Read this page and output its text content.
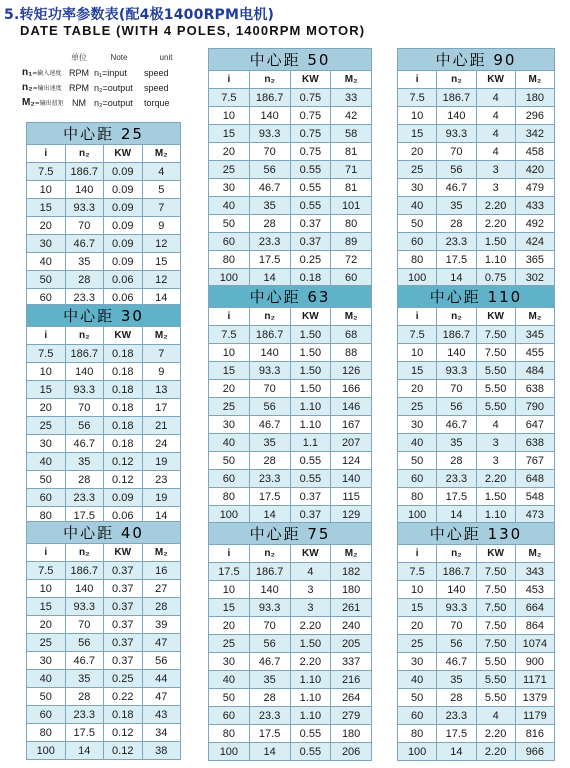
5.转矩功率参数表(配4极1400RPM电机)
DATE TABLE (WITH 4 POLES, 1400RPM MOTOR)
	单位	Note	unit
n₁=输入速度	RPM	n₁=input	speed
n₂=输出速度	RPM	n₂=output	speed
M₂=输出扭矩	NM	n₂=output	torque
中心距 25			
i	n₂	KW	M₂
7.5	186.7	0.09	4
10	140	0.09	5
15	93.3	0.09	7
20	70	0.09	9
30	46.7	0.09	12
40	35	0.09	15
50	28	0.06	12
60	23.3	0.06	14
中心距 30			
i	n₂	KW	M₂
7.5	186.7	0.18	7
10	140	0.18	9
15	93.3	0.18	13
20	70	0.18	17
25	56	0.18	21
30	46.7	0.18	24
40	35	0.12	19
50	28	0.12	23
60	23.3	0.09	19
80	17.5	0.06	14
中心距 40			
i	n₂	KW	M₂
7.5	186.7	0.37	16
10	140	0.37	27
15	93.3	0.37	28
20	70	0.37	39
25	56	0.37	47
30	46.7	0.37	56
40	35	0.25	44
50	28	0.22	47
60	23.3	0.18	43
80	17.5	0.12	34
100	14	0.12	38
中心距 50			
i	n₂	KW	M₂
7.5	186.7	0.75	33
10	140	0.75	42
15	93.3	0.75	58
20	70	0.75	81
25	56	0.55	71
30	46.7	0.55	81
40	35	0.55	101
50	28	0.37	80
60	23.3	0.37	89
80	17.5	0.25	72
100	14	0.18	60
中心距 63			
i	n₂	KW	M₂
7.5	186.7	1.50	68
10	140	1.50	88
15	93.3	1.50	126
20	70	1.50	166
25	56	1.10	146
30	46.7	1.10	167
40	35	1.1	207
50	28	0.55	124
60	23.3	0.55	140
80	17.5	0.37	115
100	14	0.37	129
中心距 75			
i	n₂	KW	M₂
17.5	186.7	4	182
10	140	3	180
15	93.3	3	261
20	70	2.20	240
25	56	1.50	205
30	46.7	2.20	337
40	35	1.10	216
50	28	1.10	264
60	23.3	1.10	279
80	17.5	0.55	180
100	14	0.55	206
中心距 90			
i	n₂	KW	M₂
7.5	186.7	4	180
10	140	4	296
15	93.3	4	342
20	70	4	458
25	56	3	420
30	46.7	3	479
40	35	2.20	433
50	28	2.20	492
60	23.3	1.50	424
80	17.5	1.10	365
100	14	0.75	302
中心距 110			
i	n₂	KW	M₂
7.5	186.7	7.50	345
10	140	7.50	455
15	93.3	5.50	484
20	70	5.50	638
25	56	5.50	790
30	46.7	4	647
40	35	3	638
50	28	3	767
60	23.3	2.20	648
80	17.5	1.50	548
100	14	1.10	473
中心距 130			
i	n₂	KW	M₂
7.5	186.7	7.50	343
10	140	7.50	453
15	93.3	7.50	664
20	70	7.50	864
25	56	7.50	1074
30	46.7	5.50	900
40	35	5.50	1171
50	28	5.50	1379
60	23.3	4	1179
80	17.5	2.20	816
100	14	2.20	966
